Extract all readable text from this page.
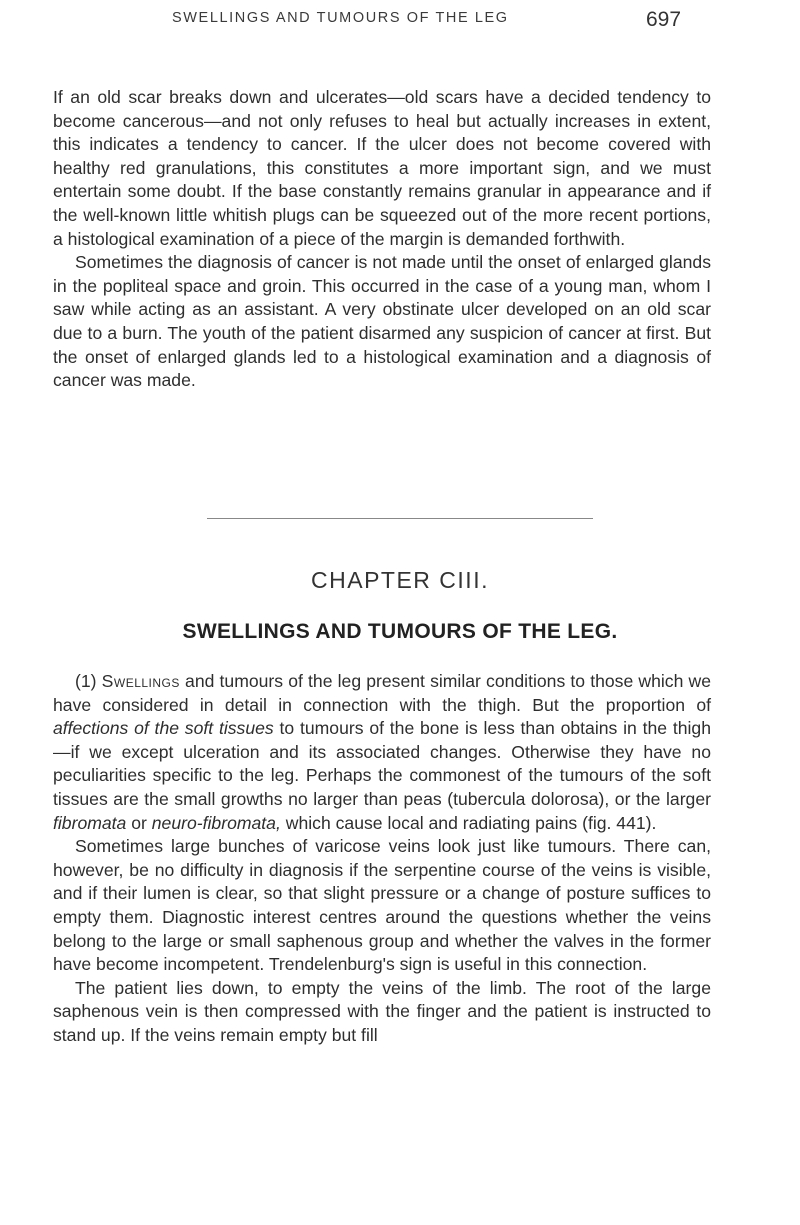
SWELLINGS AND TUMOURS OF THE LEG	697

If an old scar breaks down and ulcerates—old scars have a decided tendency to become cancerous—and not only refuses to heal but actually increases in extent, this indicates a tendency to cancer. If the ulcer does not become covered with healthy red granulations, this constitutes a more important sign, and we must entertain some doubt. If the base constantly remains granular in appearance and if the well-known little whitish plugs can be squeezed out of the more recent portions, a histological examination of a piece of the margin is demanded forthwith.

Sometimes the diagnosis of cancer is not made until the onset of enlarged glands in the popliteal space and groin. This occurred in the case of a young man, whom I saw while acting as an assistant. A very obstinate ulcer developed on an old scar due to a burn. The youth of the patient disarmed any suspicion of cancer at first. But the onset of enlarged glands led to a histological examination and a diagnosis of cancer was made.

CHAPTER CIII.
SWELLINGS AND TUMOURS OF THE LEG.

(1) Swellings and tumours of the leg present similar conditions to those which we have considered in detail in connection with the thigh. But the proportion of affections of the soft tissues to tumours of the bone is less than obtains in the thigh—if we except ulceration and its associated changes. Otherwise they have no peculiarities specific to the leg. Perhaps the commonest of the tumours of the soft tissues are the small growths no larger than peas (tubercula dolorosa), or the larger fibromata or neuro-fibromata, which cause local and radiating pains (fig. 441).

Sometimes large bunches of varicose veins look just like tumours. There can, however, be no difficulty in diagnosis if the serpentine course of the veins is visible, and if their lumen is clear, so that slight pressure or a change of posture suffices to empty them. Diagnostic interest centres around the questions whether the veins belong to the large or small saphenous group and whether the valves in the former have become incompetent. Trendelenburg's sign is useful in this connection.

The patient lies down, to empty the veins of the limb. The root of the large saphenous vein is then compressed with the finger and the patient is instructed to stand up. If the veins remain empty but fill
